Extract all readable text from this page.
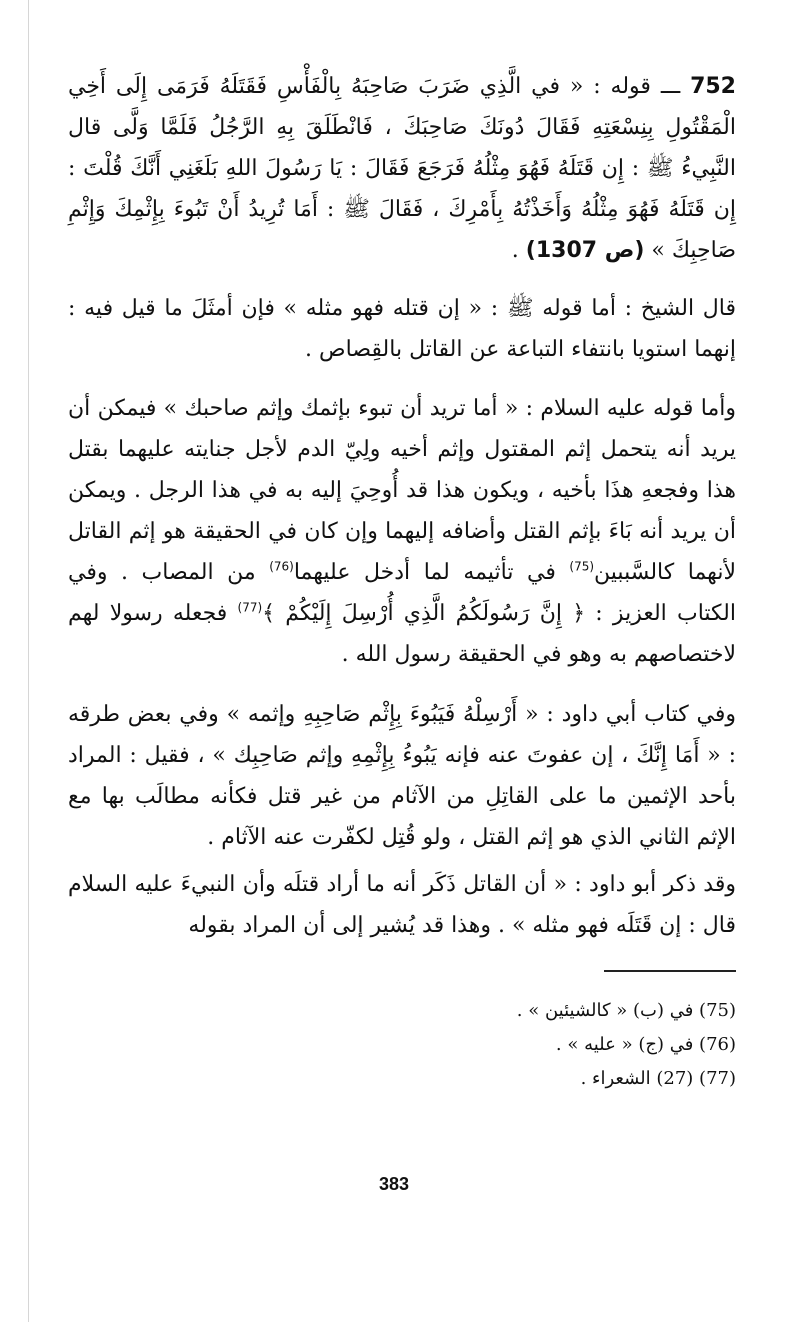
752 ـــ قوله : « في الَّذِي ضَرَبَ صَاحِبَهُ بِالْفَأْسِ فَقَتَلَهُ فَرَمَى إِلَى أَخِي الْمَقْتُولِ بِنِسْعَتِهِ فَقَالَ دُونَكَ صَاحِبَكَ ، فَانْطَلَقَ بِهِ الرَّجُلُ فَلَمَّا وَلَّى قال النَّبِيءُ ﷺ : إِن قَتَلَهُ فَهُوَ مِثْلُهُ فَرَجَعَ فَقَالَ : يَا رَسُولَ اللهِ بَلَغَنِي أَنَّكَ قُلْتَ : إِن قَتَلَهُ فَهُوَ مِثْلُهُ وَأَخَذْتُهُ بِأَمْرِكَ ، فَقَالَ ﷺ : أَمَا تُرِيدُ أَنْ تَبُوءَ بِإِثْمِكَ وَإِثْمِ صَاحِبِكَ » (ص 1307) .

قال الشيخ : أما قوله ﷺ : « إن قتله فهو مثله » فإن أمثَلَ ما قيل فيه : إنهما استويا بانتفاء التباعة عن القاتل بالقِصاص .

وأما قوله عليه السلام : « أما تريد أن تبوء بإثمك وإثم صاحبك » فيمكن أن يريد أنه يتحمل إثم المقتول وإثم أخيه ولِيّ الدم لأجل جنايته عليهما بقتل هذا وفجعهِ هذَا بأخيه ، ويكون هذا قد أُوحِيَ إليه به في هذا الرجل . ويمكن أن يريد أنه بَاءَ بإثم القتل وأضافه إليهما وإن كان في الحقيقة هو إثم القاتل لأنهما كالسَّببين$^{(75)}$ في تأثيمه لما أدخل عليهما$^{(76)}$ من المصاب . وفي الكتاب العزيز : ﴿ إِنَّ رَسُولَكُمُ الَّذِي أُرْسِلَ إِلَيْكُمْ ﴾$^{(77)}$ فجعله رسولا لهم لاختصاصهم به وهو في الحقيقة رسول الله .

وفي كتاب أبي داود : « أَرْسِلْهُ فَيَبُوءَ بِإِثْم صَاحِبِهِ وإثمه » وفي بعض طرقه : « أَمَا إِنَّكَ ، إن عفوتَ عنه فإنه يَبُوءُ بِإِثْمِهِ وإثم صَاحِبِك » ، فقيل : المراد بأحد الإثمين ما على القاتِلِ من الآثام من غير قتل فكأنه مطالَب بها مع الإثم الثاني الذي هو إثم القتل ، ولو قُتِل لكفّرت عنه الآثام .

وقد ذكر أبو داود : « أن القاتل ذَكَر أنه ما أراد قتلَه وأن النبيءَ عليه السلام قال : إن قَتَلَه فهو مثله » . وهذا قد يُشير إلى أن المراد بقوله

(75) في (ب) « كالشيئين » .
(76) في (ج) « عليه » .
(77) (27) الشعراء .
383
